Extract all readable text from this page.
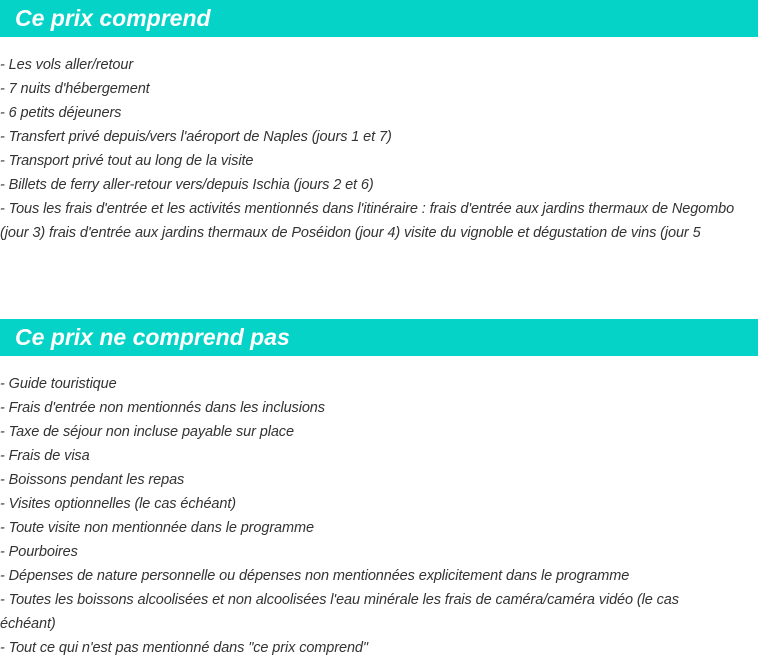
Ce prix comprend
- Les vols aller/retour
- 7 nuits d'hébergement
- 6 petits déjeuners
- Transfert privé depuis/vers l'aéroport de Naples (jours 1 et 7)
- Transport privé tout au long de la visite
- Billets de ferry aller-retour vers/depuis Ischia (jours 2 et 6)
- Tous les frais d'entrée et les activités mentionnés dans l'itinéraire : frais d'entrée aux jardins thermaux de Negombo (jour 3) frais d'entrée aux jardins thermaux de Poséidon (jour 4) visite du vignoble et dégustation de vins (jour 5
Ce prix ne comprend pas
- Guide touristique
- Frais d'entrée non mentionnés dans les inclusions
- Taxe de séjour non incluse payable sur place
- Frais de visa
- Boissons pendant les repas
- Visites optionnelles (le cas échéant)
- Toute visite non mentionnée dans le programme
- Pourboires
- Dépenses de nature personnelle ou dépenses non mentionnées explicitement dans le programme
- Toutes les boissons alcoolisées et non alcoolisées l'eau minérale les frais de caméra/caméra vidéo (le cas échéant)
- Tout ce qui n'est pas mentionné dans "ce prix comprend"
